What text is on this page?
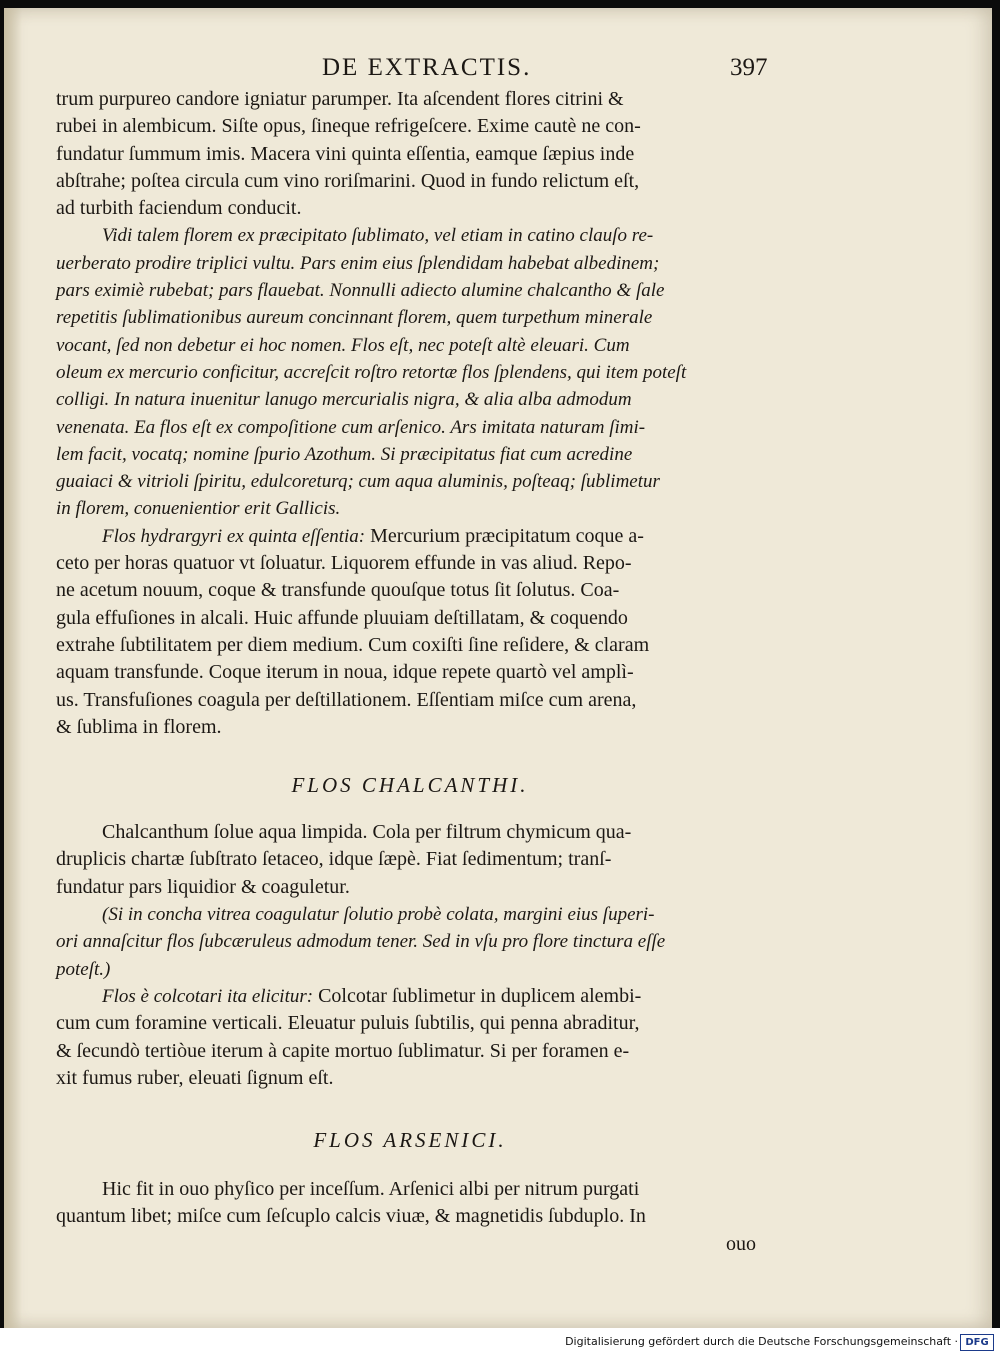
DE EXTRACTIS.	397
trum purpureo candore igniatur parumper. Ita aſcendent flores citrini &
rubei in alembicum. Siſte opus, ſineque refrigeſcere. Exime cautè ne con-
fundatur ſummum imis. Macera vini quinta eſſentia, eamque ſæpius inde
abſtrahe; poſtea circula cum vino roriſmarini. Quod in fundo relictum eſt,
ad turbith faciendum conducit.
Vidi talem florem ex præcipitato ſublimato, vel etiam in catino clauſo re-
uerberato prodire triplici vultu. Pars enim eius ſplendidam habebat albedinem;
pars eximiè rubebat; pars flauebat. Nonnulli adiecto alumine chalcantho & ſale
repetitis ſublimationibus aureum concinnant florem, quem turpethum minerale
vocant, ſed non debetur ei hoc nomen. Flos eſt, nec poteſt altè eleuari. Cum
oleum ex mercurio conficitur, accreſcit roſtro retortæ flos ſplendens, qui item poteſt
colligi. In natura inuenitur lanugo mercurialis nigra, & alia alba admodum
venenata. Ea flos eſt ex compoſitione cum arſenico. Ars imitata naturam ſimi-
lem facit, vocatq; nomine ſpurio Azothum. Si præcipitatus fiat cum acredine
guaiaci & vitrioli ſpiritu, edulcoreturq; cum aqua aluminis, poſteaq; ſublimetur
in florem, conuenientior erit Gallicis.
Flos hydrargyri ex quinta eſſentia: Mercurium præcipitatum coque a-
ceto per horas quatuor vt ſoluatur. Liquorem effunde in vas aliud. Repo-
ne acetum nouum, coque & transfunde quouſque totus ſit ſolutus. Coa-
gula effuſiones in alcali. Huic affunde pluuiam deſtillatam, & coquendo
extrahe ſubtilitatem per diem medium. Cum coxiſti ſine reſidere, & claram
aquam transfunde. Coque iterum in noua, idque repete quartò vel amplì-
us. Transfuſiones coagula per deſtillationem. Eſſentiam miſce cum arena,
& ſublima in florem.
FLOS CHALCANTHI.
Chalcanthum ſolue aqua limpida. Cola per filtrum chymicum qua-
druplicis chartæ ſubſtrato ſetaceo, idque ſæpè. Fiat ſedimentum; tranſ-
fundatur pars liquidior & coaguletur.
(Si in concha vitrea coagulatur ſolutio probè colata, margini eius ſuperi-
ori annaſcitur flos ſubcæruleus admodum tener. Sed in vſu pro flore tinctura eſſe
poteſt.)
Flos è colcotari ita elicitur: Colcotar ſublimetur in duplicem alembi-
cum cum foramine verticali. Eleuatur puluis ſubtilis, qui penna abraditur,
& ſecundò tertiòue iterum à capite mortuo ſublimatur. Si per foramen e-
xit fumus ruber, eleuati ſignum eſt.
FLOS ARSENICI.
Hic fit in ouo phyſico per inceſſum. Arſenici albi per nitrum purgati
quantum libet; miſce cum ſeſcuplo calcis viuæ, & magnetidis ſubduplo. In
ouo
Digitalisierung gefördert durch die Deutsche Forschungsgemeinschaft · DFG
